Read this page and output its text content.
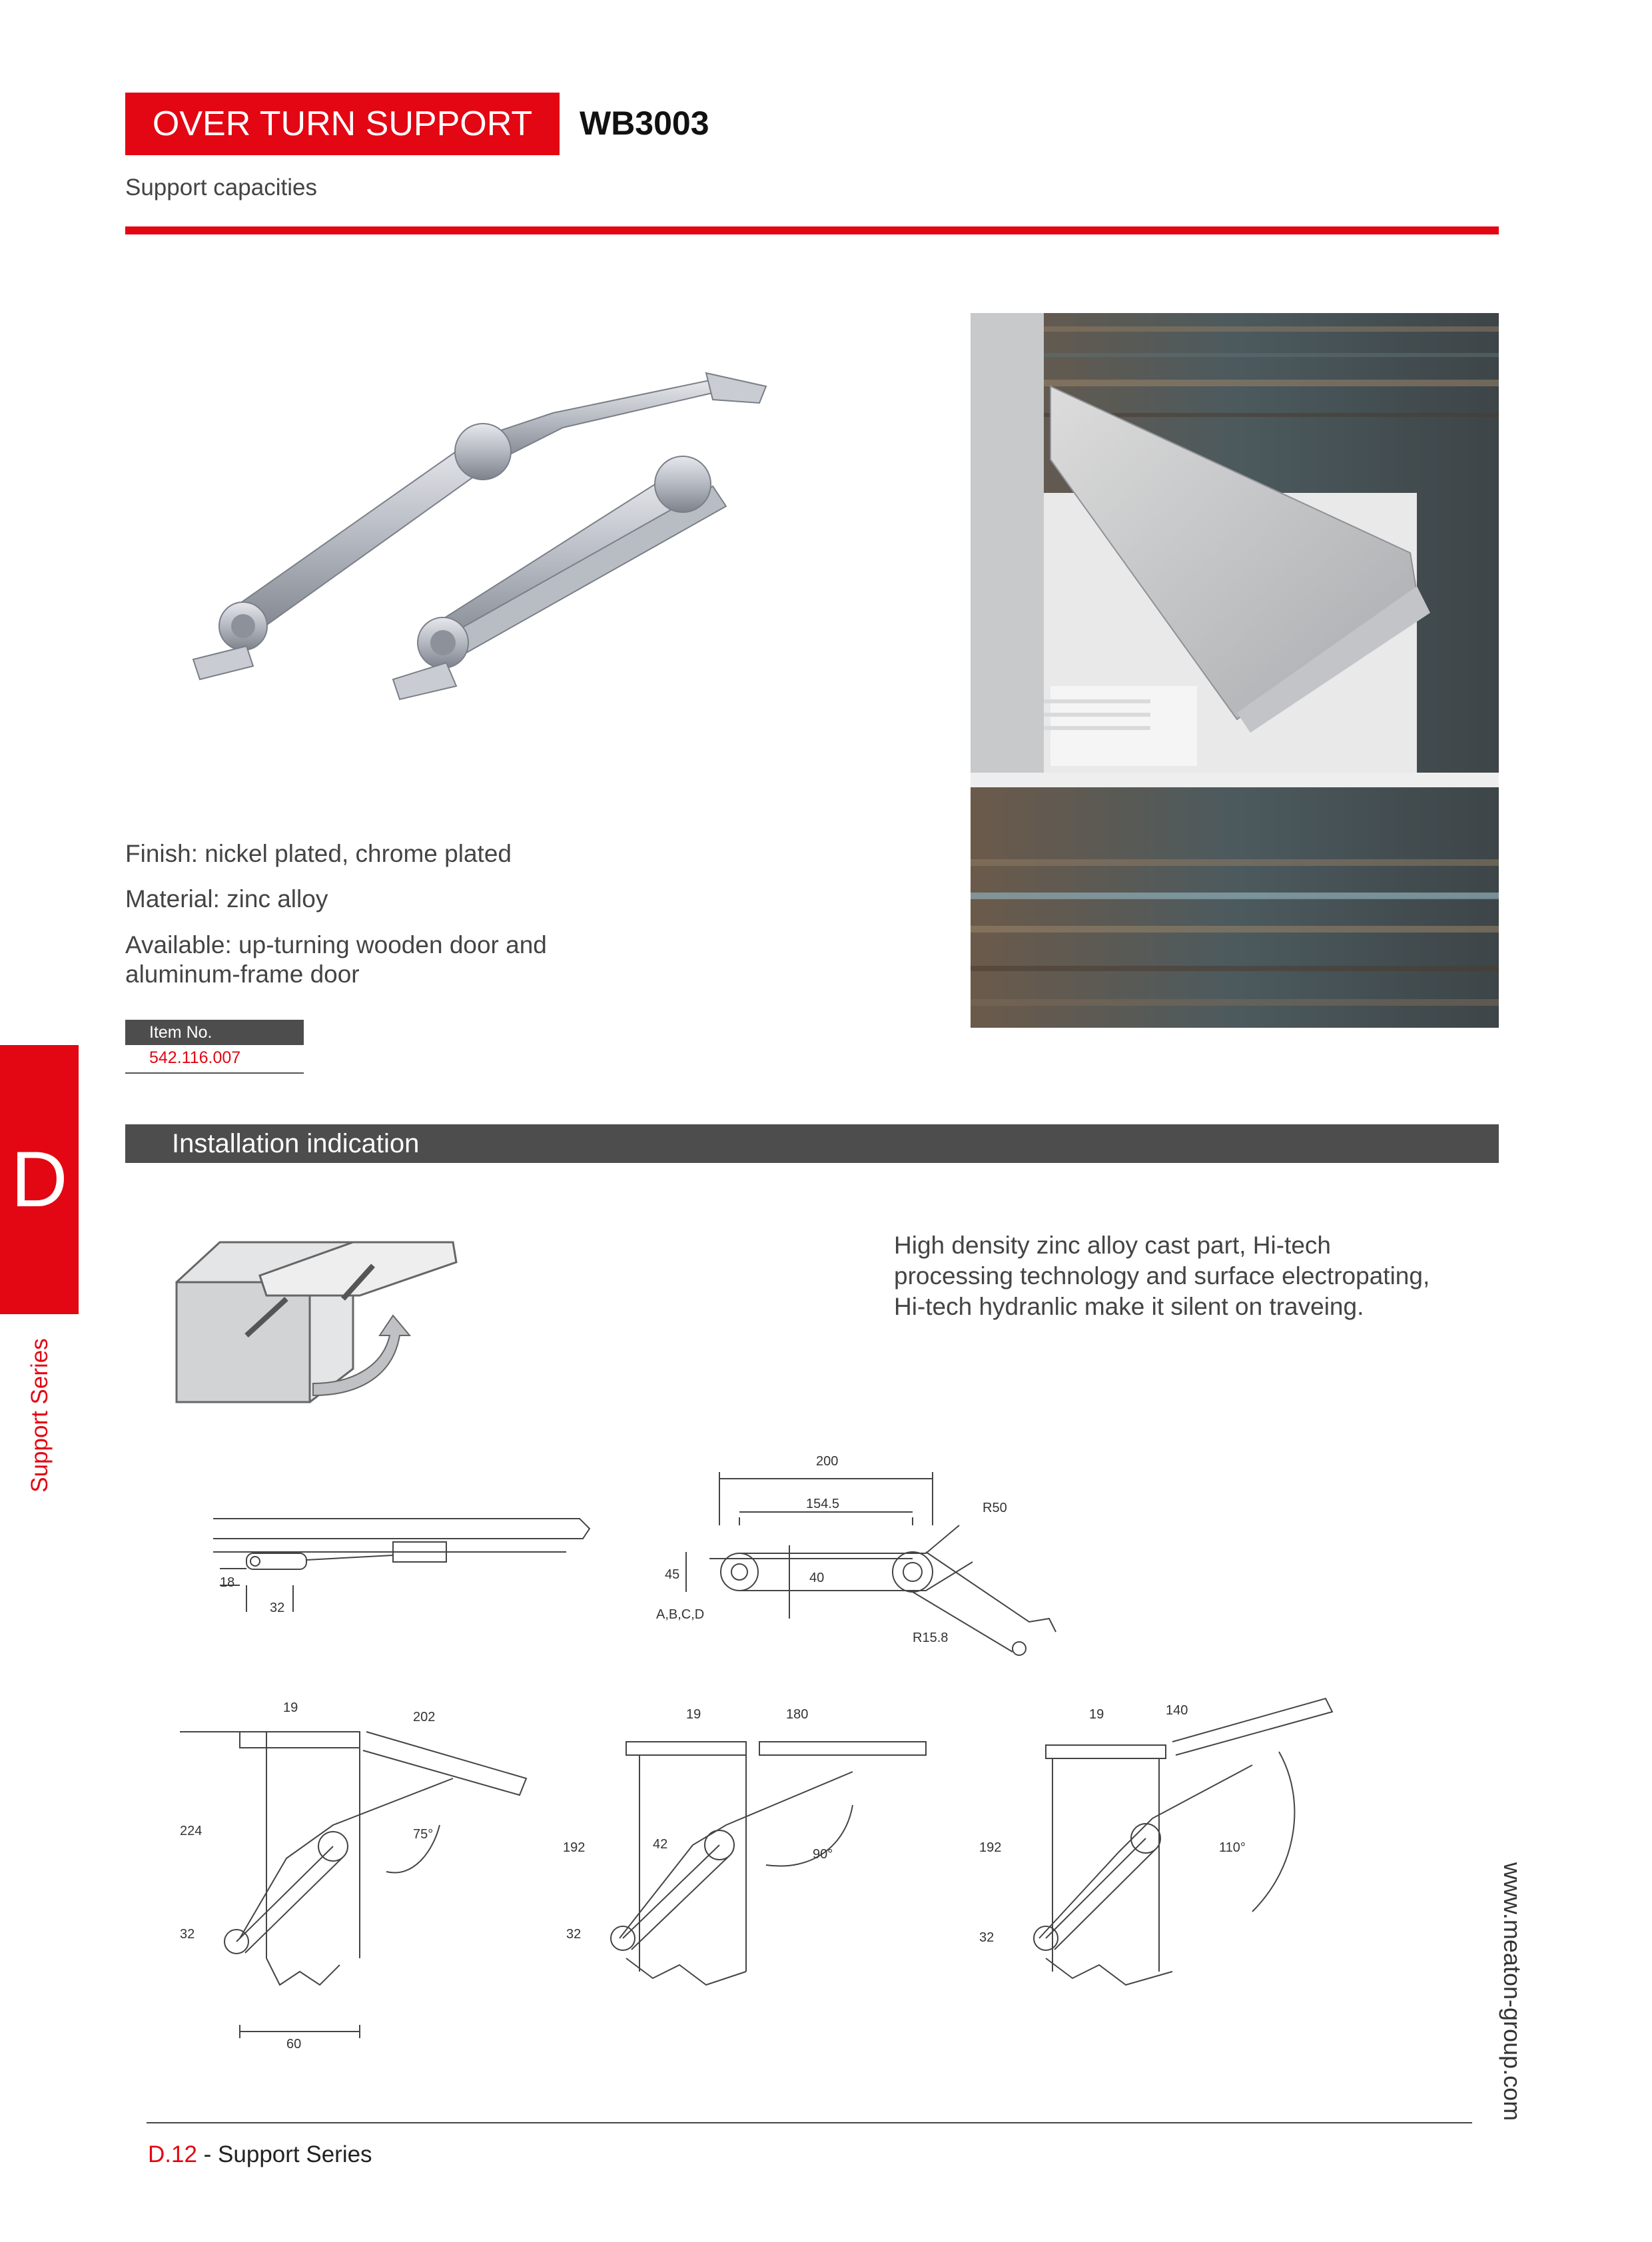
OVER TURN SUPPORT	WB3003
Support capacities
Finish: nickel plated, chrome plated
Material: zinc alloy
Available: up-turning wooden door and
aluminum-frame door
Item No.
542.116.007
D
Support Series
Installation indication
High density zinc alloy cast part, Hi-tech
processing technology and surface electropating,
Hi-tech hydranlic make it silent on traveing.
18
32
200
154.5	R50
45	40
A,B,C,D
R15.8
19
202
224	75°
32
60
19	180
192	42
90°
32
19	140
192	110°
32	www.meaton-group.com
D.12 - Support Series
